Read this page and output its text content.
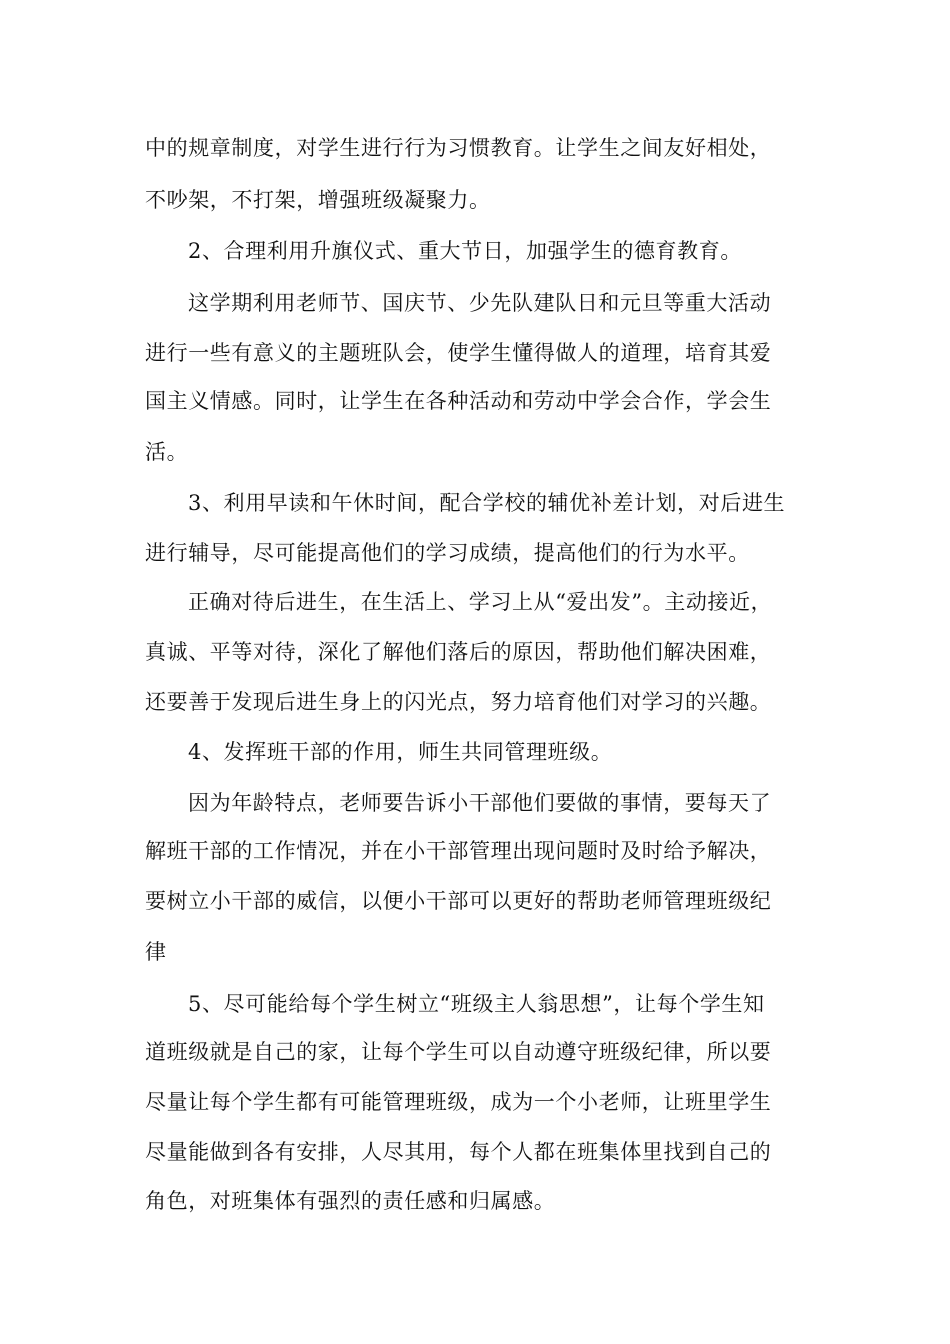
中的规章制度，对学生进行行为习惯教育。让学生之间友好相处，
不吵架，不打架，增强班级凝聚力。
2、合理利用升旗仪式、重大节日，加强学生的德育教育。
这学期利用老师节、国庆节、少先队建队日和元旦等重大活动
进行一些有意义的主题班队会，使学生懂得做人的道理，培育其爱
国主义情感。同时，让学生在各种活动和劳动中学会合作，学会生
活。
3、利用早读和午休时间，配合学校的辅优补差计划，对后进生
进行辅导，尽可能提高他们的学习成绩，提高他们的行为水平。
正确对待后进生，在生活上、学习上从“爱出发”。主动接近，
真诚、平等对待，深化了解他们落后的原因，帮助他们解决困难，
还要善于发现后进生身上的闪光点，努力培育他们对学习的兴趣。
4、发挥班干部的作用，师生共同管理班级。
因为年龄特点，老师要告诉小干部他们要做的事情，要每天了
解班干部的工作情况，并在小干部管理出现问题时及时给予解决，
要树立小干部的威信，以便小干部可以更好的帮助老师管理班级纪
律
5、尽可能给每个学生树立“班级主人翁思想”，让每个学生知
道班级就是自己的家，让每个学生可以自动遵守班级纪律，所以要
尽量让每个学生都有可能管理班级，成为一个小老师，让班里学生
尽量能做到各有安排，人尽其用，每个人都在班集体里找到自己的
角色，对班集体有强烈的责任感和归属感。
